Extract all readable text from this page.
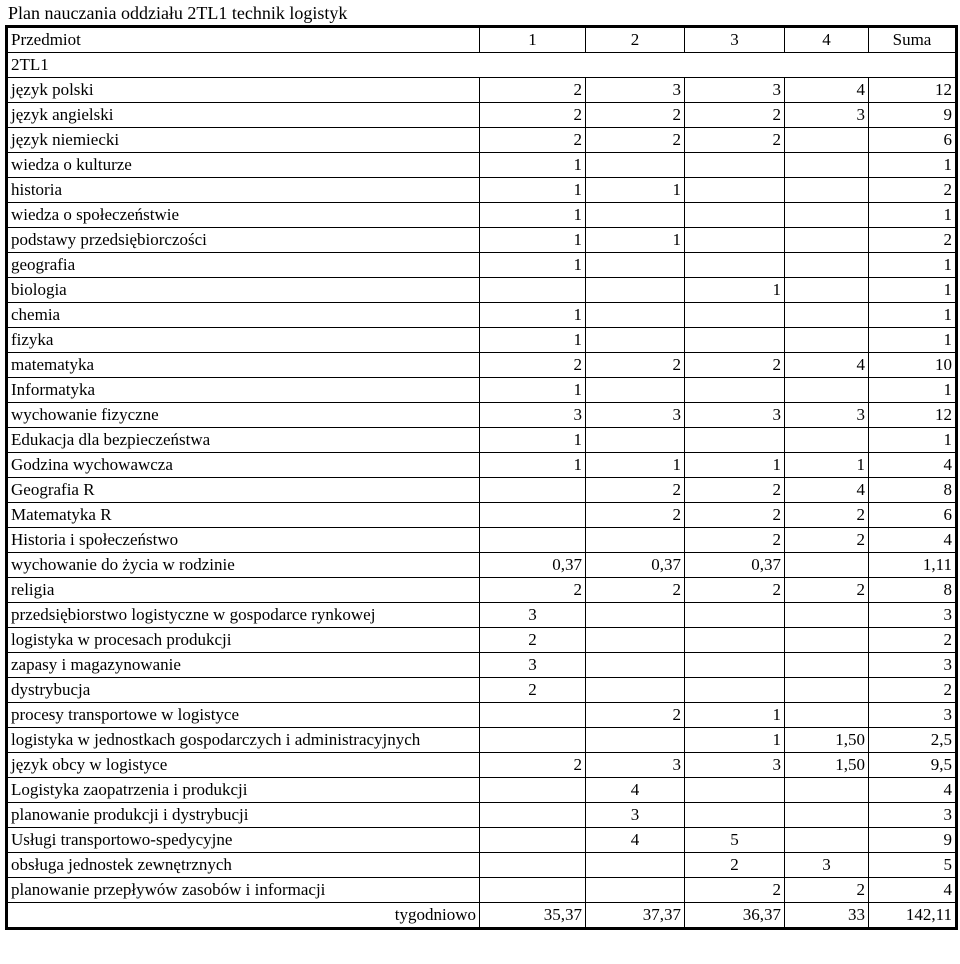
Plan nauczania oddziału 2TL1 technik logistyk
Przedmiot	1	2	3	4	Suma
2TL1					
język polski	2	3	3	4	12
język angielski	2	2	2	3	9
język niemiecki	2	2	2		6
wiedza o kulturze	1				1
historia	1	1			2
wiedza o społeczeństwie	1				1
podstawy przedsiębiorczości	1	1			2
geografia	1				1
biologia			1		1
chemia	1				1
fizyka	1				1
matematyka	2	2	2	4	10
Informatyka	1				1
wychowanie fizyczne	3	3	3	3	12
Edukacja dla bezpieczeństwa	1				1
Godzina wychowawcza	1	1	1	1	4
Geografia R		2	2	4	8
Matematyka R		2	2	2	6
Historia i społeczeństwo			2	2	4
wychowanie do życia w rodzinie	0,37	0,37	0,37		1,11
religia	2	2	2	2	8
przedsiębiorstwo logistyczne w gospodarce rynkowej	3				3
logistyka w procesach produkcji	2				2
zapasy i magazynowanie	3				3
dystrybucja	2				2
procesy transportowe w logistyce		2	1		3
logistyka w jednostkach gospodarczych i administracyjnych			1	1,50	2,5
język obcy w logistyce	2	3	3	1,50	9,5
Logistyka zaopatrzenia i produkcji		4			4
planowanie produkcji i dystrybucji		3			3
Usługi transportowo-spedycyjne		4	5		9
obsługa jednostek zewnętrznych			2	3	5
planowanie przepływów zasobów i informacji			2	2	4
tygodniowo	35,37	37,37	36,37	33	142,11
